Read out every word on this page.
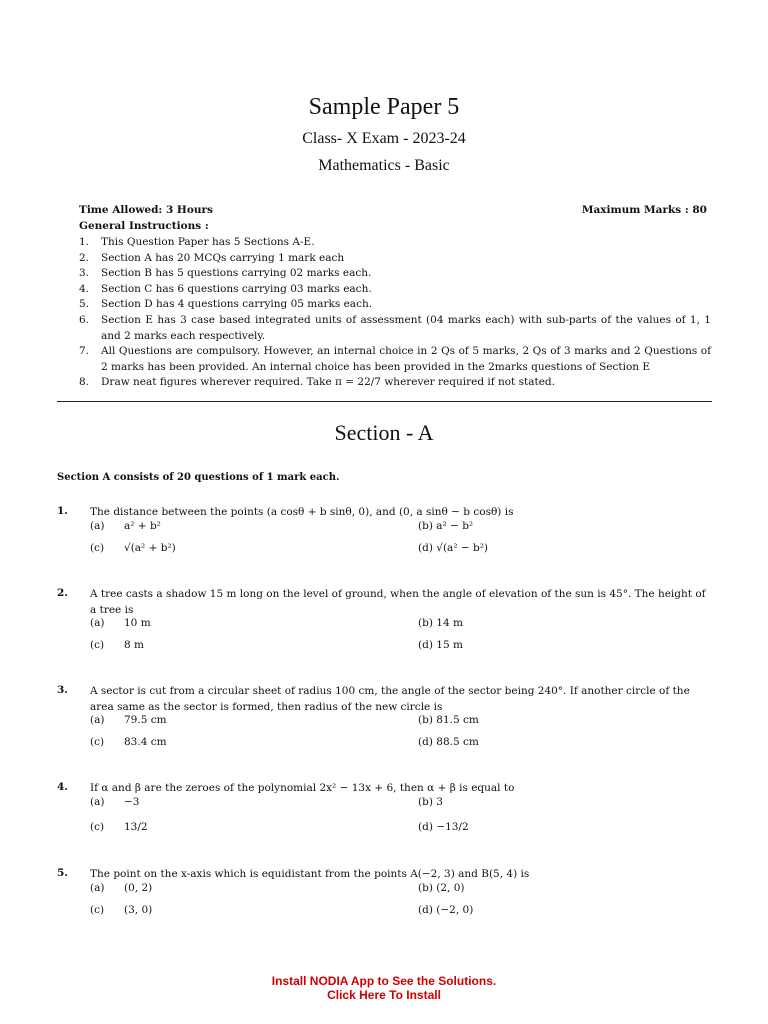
Sample Paper 5
Class- X Exam - 2023-24
Mathematics - Basic
Time Allowed: 3 Hours	Maximum Marks : 80
General Instructions :
1.	This Question Paper has 5 Sections A-E.
2.	Section A has 20 MCQs carrying 1 mark each
3.	Section B has 5 questions carrying 02 marks each.
4.	Section C has 6 questions carrying 03 marks each.
5.	Section D has 4 questions carrying 05 marks each.
6.	Section E has 3 case based integrated units of assessment (04 marks each) with sub-parts of the values of 1, 1 and 2 marks each respectively.
7.	All Questions are compulsory. However, an internal choice in 2 Qs of 5 marks, 2 Qs of 3 marks and 2 Questions of 2 marks has been provided. An internal choice has been provided in the 2marks questions of Section E
8.	Draw neat figures wherever required. Take π = 22/7 wherever required if not stated.
Section - A
Section A consists of 20 questions of 1 mark each.
1. The distance between the points (a cosθ + b sinθ, 0), and (0, a sinθ − b cosθ) is
(a) a² + b²	(b) a² − b²
(c) √(a² + b²)	(d) √(a² − b²)
2. A tree casts a shadow 15 m long on the level of ground, when the angle of elevation of the sun is 45°. The height of a tree is
(a) 10 m	(b) 14 m
(c) 8 m	(d) 15 m
3. A sector is cut from a circular sheet of radius 100 cm, the angle of the sector being 240°. If another circle of the area same as the sector is formed, then radius of the new circle is
(a) 79.5 cm	(b) 81.5 cm
(c) 83.4 cm	(d) 88.5 cm
4. If α and β are the zeroes of the polynomial 2x² − 13x + 6, then α + β is equal to
(a) −3	(b) 3
(c) 13/2	(d) −13/2
5. The point on the x-axis which is equidistant from the points A(−2, 3) and B(5, 4) is
(a) (0, 2)	(b) (2, 0)
(c) (3, 0)	(d) (−2, 0)
Install NODIA App to See the Solutions.
Click Here To Install
